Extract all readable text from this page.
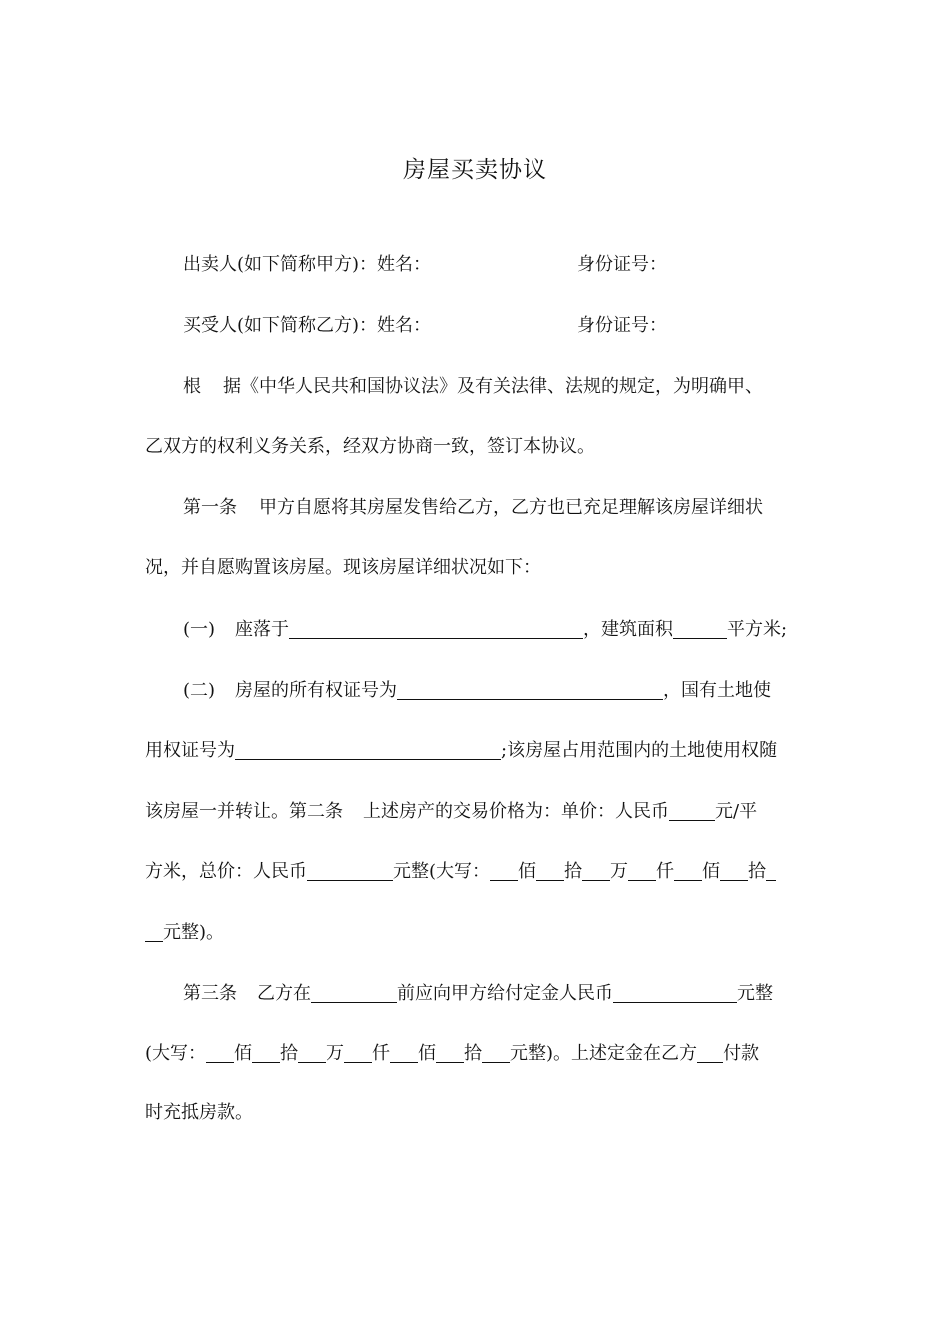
房屋买卖协议
出卖人(如下简称甲方)：姓名：	身份证号：
买受人(如下简称乙方)：姓名：	身份证号：
根 据《中华人民共和国协议法》及有关法律、法规的规定，为明确甲、
乙双方的权利义务关系，经双方协商一致，签订本协议。
第一条 甲方自愿将其房屋发售给乙方，乙方也已充足理解该房屋详细状
况，并自愿购置该房屋。现该房屋详细状况如下：
(一) 座落于	，建筑面积	平方米;
(二) 房屋的所有权证号为	，国有土地使
用权证号为	;该房屋占用范围内的土地使用权随
该房屋一并转让。第二条 上述房产的交易价格为：单价：人民币	元/平
方米，总价：人民币	元整(大写： 佰 拾 万 仟 佰 拾
元整)。
第三条 乙方在	前应向甲方给付定金人民币	元整
(大写： 佰 拾 万 仟 佰 拾 元整)。上述定金在乙方 付款
时充抵房款。
